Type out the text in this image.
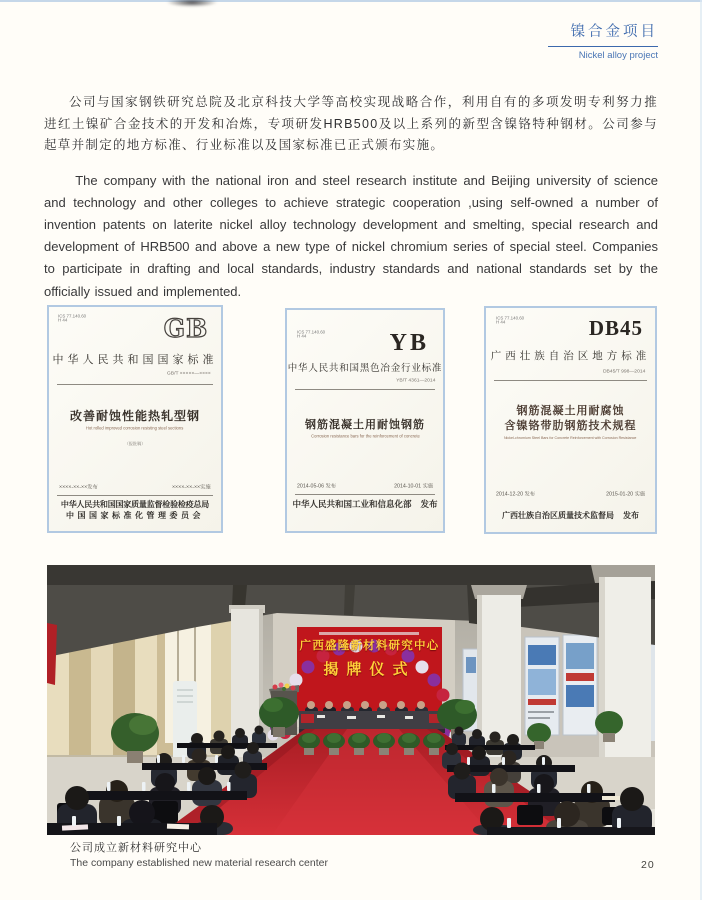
镍合金项目
Nickel alloy project

公司与国家钢铁研究总院及北京科技大学等高校实现战略合作，利用自有的多项发明专利努力推进红土镍矿合金技术的开发和冶炼，专项研发HRB500及以上系列的新型含镍铬特种钢材。公司参与起草并制定的地方标准、行业标准以及国家标准已正式颁布实施。

The company with the national iron and steel research institute and Beijing university of science and technology and other colleges to achieve strategic cooperation ,using self-owned a number of invention patents on laterite nickel alloy technology development and smelting, special research and development of HRB500 and above a new type of nickel chromium series of special steel. Companies to participate in drafting and local standards, industry standards and national standards set by the officially issued and implemented.

ICS 77.140.60

H 44	GB
中华人民共和国国家标准
GB/T ×××××—××××
改善耐蚀性能热轧型钢
Hot rolled improved corrosion resisting steel sections
（报批稿）
××××-××-××发布	××××-××-××实施
中华人民共和国国家质量监督检验检疫总局
中国国家标准化管理委员会
ICS 77.140.60

H 44	YB
中华人民共和国黑色冶金行业标准
YB/T 4361—2014
钢筋混凝土用耐蚀钢筋
Corrosion resistance bars for the reinforcement of concrete
2014-05-06 发布	2014-10-01 实施
中华人民共和国工业和信息化部 发布
ICS 77.140.60

H 44	DB45
广西壮族自治区地方标准
DB45/T 998—2014
钢筋混凝土用耐腐蚀
含镍铬带肋钢筋技术规程
Nickel-chromium Steel Bars for Concrete Reinforcement with Corrosion Resistance
2014-12-20 发布	2015-01-20 实施
广西壮族自治区质量技术监督局 发布
广西盛隆新材料研究中心
揭牌仪式
公司成立新材料研究中心
The company established new material research center	20
